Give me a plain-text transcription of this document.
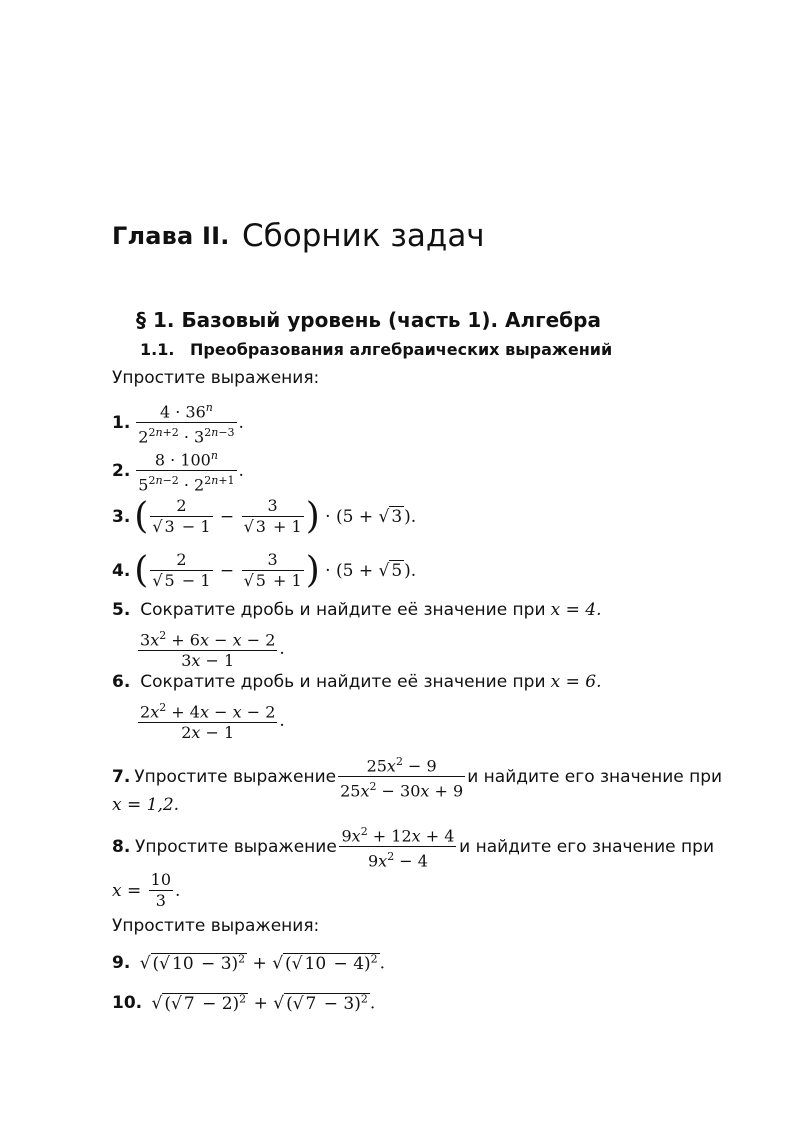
Глава II. Сборник задач
§ 1. Базовый уровень (часть 1). Алгебра
1.1. Преобразования алгебраических выражений
Упростите выражения:
1. $\frac{4 \cdot 36^n}{2^{2n+2} \cdot 3^{2n-3}}$ .
2. $\frac{8 \cdot 100^n}{5^{2n-2} \cdot 2^{2n+1}}$ .
3. ( $\frac{2}{√ 3 - 1} - \frac{3}{√ 3 + 1}$ ) · (5 + √ 3 ).
4. ( $\frac{2}{√ 5 - 1} - \frac{3}{√ 5 + 1}$ ) · (5 + √ 5 ).
5. Сократите дробь и найдите её значение при x = 4.
$\frac{3x^2 + 6x - x - 2}{3x - 1}$ .
6. Сократите дробь и найдите её значение при x = 6.
$\frac{2x^2 + 4x - x - 2}{2x - 1}$ .
7. Упростите выражение $\frac{25x^2 - 9}{25x^2 - 30x + 9}$ и найдите его значение при
x = 1,2.
8. Упростите выражение $\frac{9x^2 + 12x + 4}{9x^2 - 4}$ и найдите его значение при
$x = \frac{10}{3}$ .
Упростите выражения:
9. √ (√ 10 − 3)$^2$ + √ (√ 10 − 4)$^2$ .
10. √ (√ 7 − 2)$^2$ + √ (√ 7 − 3)$^2$ .
